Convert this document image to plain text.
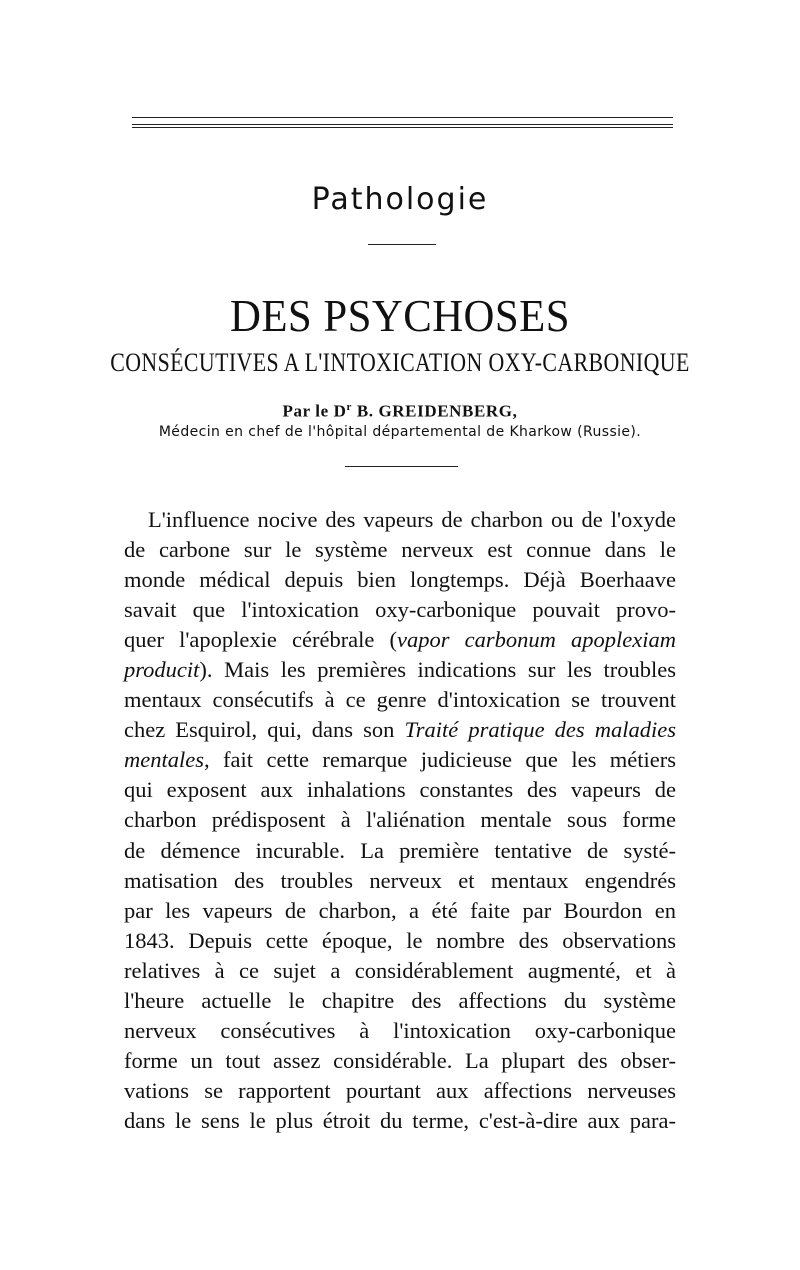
Pathologie
DES PSYCHOSES
CONSÉCUTIVES A L'INTOXICATION OXY-CARBONIQUE
Par le $D^r$ B. GREIDENBERG,
Médecin en chef de l'hôpital départemental de Kharkow (Russie).
L'influence nocive des vapeurs de charbon ou de l'oxyde
de carbone sur le système nerveux est connue dans le
monde médical depuis bien longtemps. Déjà Boerhaave
savait que l'intoxication oxy-carbonique pouvait provo-
quer l'apoplexie cérébrale (vapor carbonum apoplexiam
producit). Mais les premières indications sur les troubles
mentaux consécutifs à ce genre d'intoxication se trouvent
chez Esquirol, qui, dans son Traité pratique des maladies
mentales, fait cette remarque judicieuse que les métiers
qui exposent aux inhalations constantes des vapeurs de
charbon prédisposent à l'aliénation mentale sous forme
de démence incurable. La première tentative de systé-
matisation des troubles nerveux et mentaux engendrés
par les vapeurs de charbon, a été faite par Bourdon en
1843. Depuis cette époque, le nombre des observations
relatives à ce sujet a considérablement augmenté, et à
l'heure actuelle le chapitre des affections du système
nerveux consécutives à l'intoxication oxy-carbonique
forme un tout assez considérable. La plupart des obser-
vations se rapportent pourtant aux affections nerveuses
dans le sens le plus étroit du terme, c'est-à-dire aux para-
